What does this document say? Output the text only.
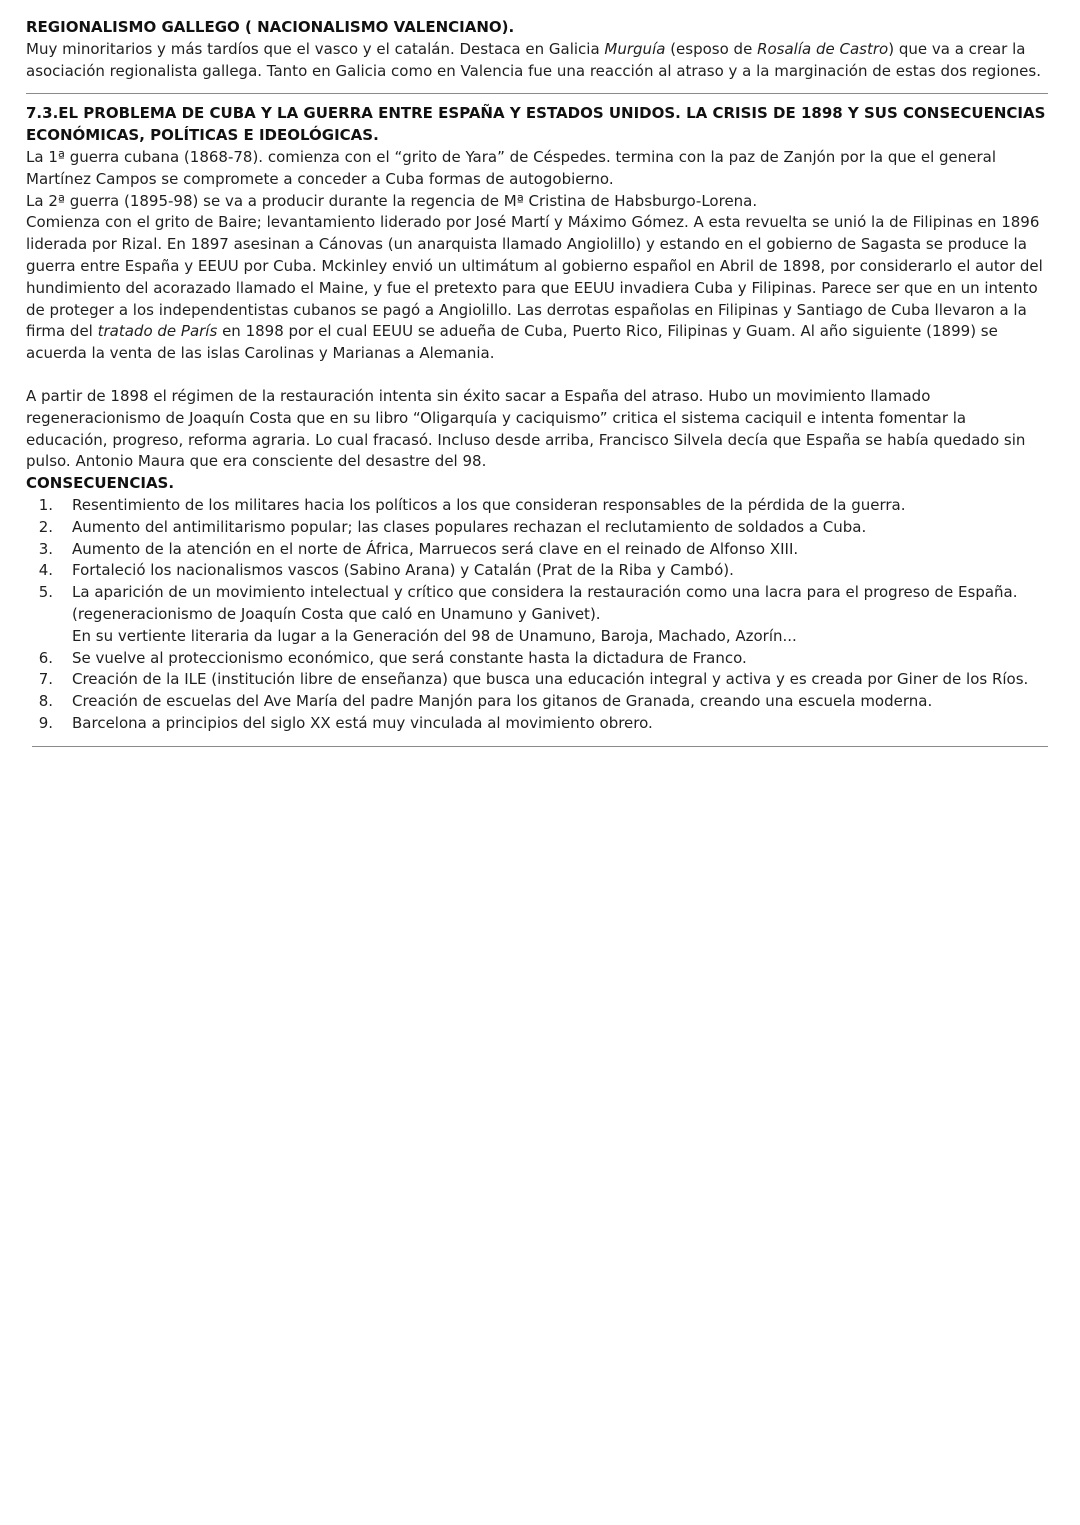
REGIONALISMO GALLEGO ( NACIONALISMO VALENCIANO).

Muy minoritarios y más tardíos que el vasco y el catalán. Destaca en Galicia Murguía (esposo de Rosalía de Castro) que va a crear la asociación regionalista gallega. Tanto en Galicia como en Valencia fue una reacción al atraso y a la marginación de estas dos regiones.

7.3.EL PROBLEMA DE CUBA Y LA GUERRA ENTRE ESPAÑA Y ESTADOS UNIDOS. LA CRISIS DE 1898 Y SUS CONSECUENCIAS ECONÓMICAS, POLÍTICAS E IDEOLÓGICAS.

La 1ª guerra cubana (1868-78). comienza con el “grito de Yara” de Céspedes. termina con la paz de Zanjón por la que el general Martínez Campos se compromete a conceder a Cuba formas de autogobierno.

La 2ª guerra (1895-98) se va a producir durante la regencia de Mª Cristina de Habsburgo-Lorena.

Comienza con el grito de Baire; levantamiento liderado por José Martí y Máximo Gómez. A esta revuelta se unió la de Filipinas en 1896 liderada por Rizal. En 1897 asesinan a Cánovas (un anarquista llamado Angiolillo) y estando en el gobierno de Sagasta se produce la guerra entre España y EEUU por Cuba. Mckinley envió un ultimátum al gobierno español en Abril de 1898, por considerarlo el autor del hundimiento del acorazado llamado el Maine, y fue el pretexto para que EEUU invadiera Cuba y Filipinas. Parece ser que en un intento de proteger a los independentistas cubanos se pagó a Angiolillo. Las derrotas españolas en Filipinas y Santiago de Cuba llevaron a la firma del tratado de París en 1898 por el cual EEUU se adueña de Cuba, Puerto Rico, Filipinas y Guam. Al año siguiente (1899) se acuerda la venta de las islas Carolinas y Marianas a Alemania.

A partir de 1898 el régimen de la restauración intenta sin éxito sacar a España del atraso. Hubo un movimiento llamado regeneracionismo de Joaquín Costa que en su libro “Oligarquía y caciquismo” critica el sistema caciquil e intenta fomentar la educación, progreso, reforma agraria. Lo cual fracasó. Incluso desde arriba, Francisco Silvela decía que España se había quedado sin pulso. Antonio Maura que era consciente del desastre del 98.

CONSECUENCIAS.
1.	Resentimiento de los militares hacia los políticos a los que consideran responsables de la pérdida de la guerra.
2.	Aumento del antimilitarismo popular; las clases populares rechazan el reclutamiento de soldados a Cuba.
3.	Aumento de la atención en el norte de África, Marruecos será clave en el reinado de Alfonso XIII.
4.	Fortaleció los nacionalismos vascos (Sabino Arana) y Catalán (Prat de la Riba y Cambó).
5.	La aparición de un movimiento intelectual y crítico que considera la restauración como una lacra para el progreso de España. (regeneracionismo de Joaquín Costa que caló en Unamuno y Ganivet).
En su vertiente literaria da lugar a la Generación del 98 de Unamuno, Baroja, Machado, Azorín...
6.	Se vuelve al proteccionismo económico, que será constante hasta la dictadura de Franco.
7.	Creación de la ILE (institución libre de enseñanza) que busca una educación integral y activa y es creada por Giner de los Ríos.
8.	Creación de escuelas del Ave María del padre Manjón para los gitanos de Granada, creando una escuela moderna.
9.	Barcelona a principios del siglo XX está muy vinculada al movimiento obrero.
